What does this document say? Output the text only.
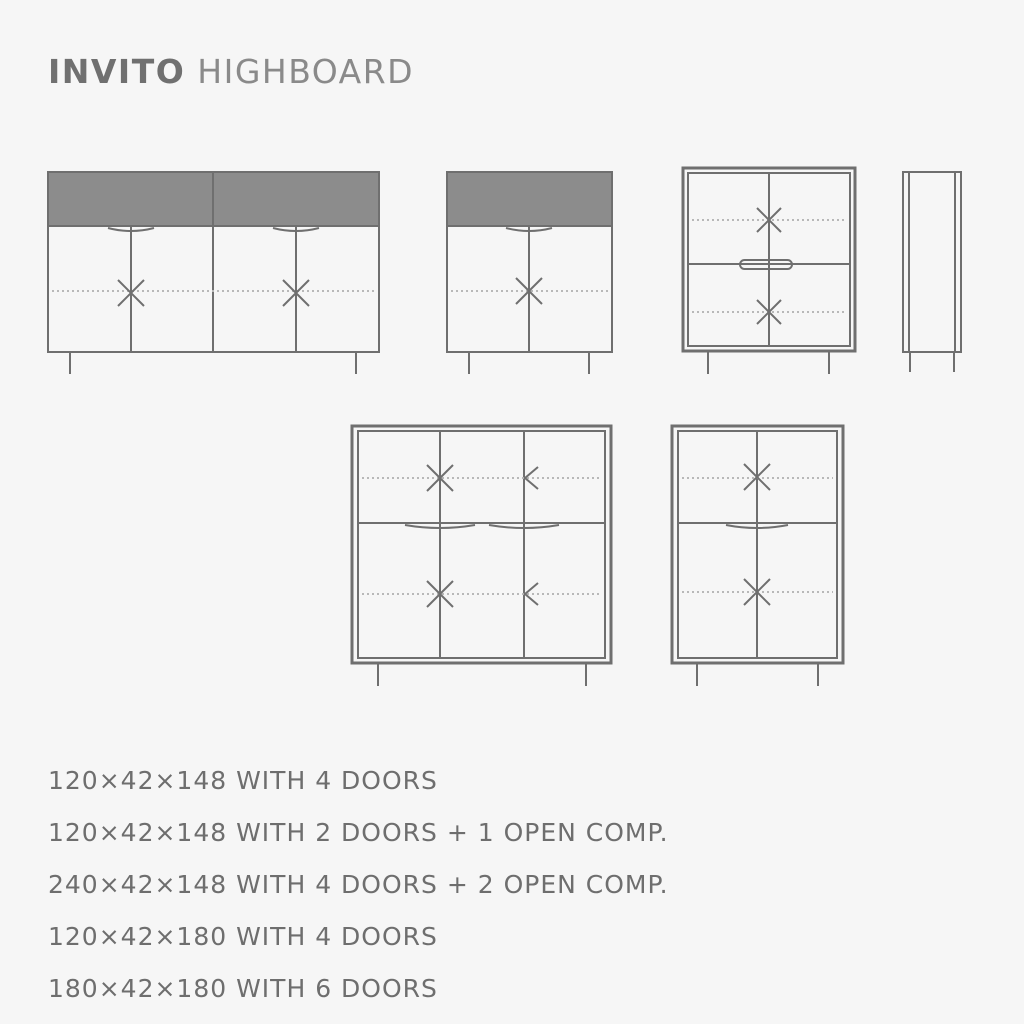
INVITO HIGHBOARD
120×42×148 WITH 4 DOORS
120×42×148 WITH 2 DOORS + 1 OPEN COMP.
240×42×148 WITH 4 DOORS + 2 OPEN COMP.
120×42×180 WITH 4 DOORS
180×42×180 WITH 6 DOORS
